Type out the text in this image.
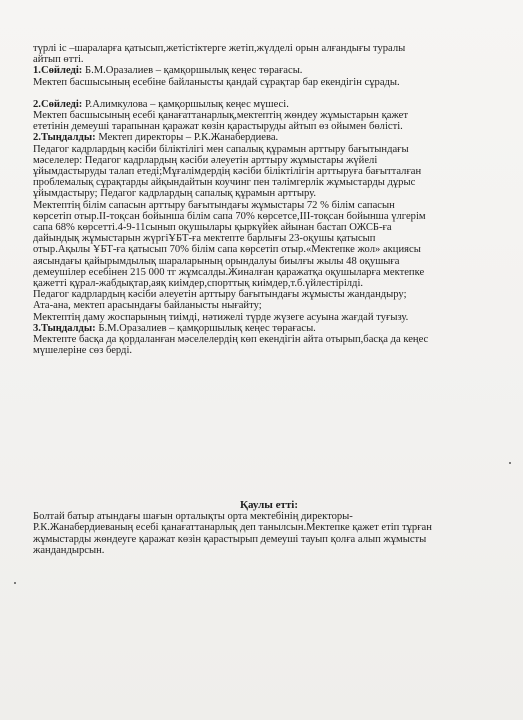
түрлі іс –шараларға қатысып,жетістіктерге жетіп,жүлделі орын алғандығы туралы
айтып өтті.

1.Сөйледі: Б.М.Оразалиев – қамқоршылық кеңес төрағасы.

Мектеп басшысының есебіне байланысты қандай сұрақтар бар екендігін сұрады.

2.Сөйледі: Р.Алимкулова – қамқоршылық кеңес мүшесі.

Мектеп басшысының есебі қанағаттанарлық,мектептің жөндеу жұмыстарын қажет
ететінін демеуші тарапынан қаражат көзін қарастыруды айтып өз ойымен бөлісті.

2.Тыңдалды: Мектеп директоры – Р.К.Жанабердиева.

Педагог кадрлардың кәсіби біліктілігі мен сапалық құрамын арттыру бағытындағы
мәселелер: Педагог кадрлардың кәсіби әлеуетін арттыру жұмыстары жүйелі
ұйымдастыруды талап етеді;Мұғалімдердің кәсіби біліктілігін арттыруға бағытталған
проблемалық сұрақтарды айқындайтын коучинг пен тәлімгерлік жұмыстарды дұрыс
ұйымдастыру; Педагог кадрлардың сапалық құрамын арттыру.
Мектептің білім сапасын арттыру бағытындағы жұмыстары 72 % білім сапасын
көрсетіп отыр.ІІ-тоқсан бойынша білім сапа 70% көрсетсе,ІІІ-тоқсан бойынша үлгерім
сапа 68% көрсетті.4-9-11сынып оқушылары қыркүйек айынан бастап ОЖСБ-ға
дайындық жұмыстарын жүргіҰБТ-ға мектепте барлығы 23-оқушы қатысып
отыр.Ақылы ҰБТ-ға қатысып 70% білім сапа көрсетіп отыр.«Мектепке жол» акциясы
аясындағы қайырымдылық шараларының орындалуы биылғы жылы 48 оқушыға
демеушілер есебінен 215 000 тг жұмсалды.Жиналған қаражатқа оқушыларға мектепке
қажетті құрал-жабдықтар,аяқ киімдер,спорттық киімдер,т.б.үйлестірілді.
Педагог кадрлардың кәсіби әлеуетін арттыру бағытындағы жұмысты жандандыру;
Ата-ана, мектеп арасындағы байланысты нығайту;
Мектептің даму жоспарының тиімді, нәтижелі түрде жүзеге асуына жағдай туғызу.

3.Тыңдалды: Б.М.Оразалиев – қамқоршылық кеңес төрағасы.

Мектепте басқа да қордаланған мәселелердің көп екендігін айта отырып,басқа да кеңес
мүшелеріне сөз берді.

Қаулы етті:

Болтай батыр атындағы шағын орталықты орта мектебінің директоры-
Р.К.Жанабердиеваның есебі қанағаттанарлық деп танылсын.Мектепке қажет етіп тұрған
жұмыстарды жөндеуге қаражат көзін қарастырып демеуші тауып қолға алып жұмысты
жандандырсын.
